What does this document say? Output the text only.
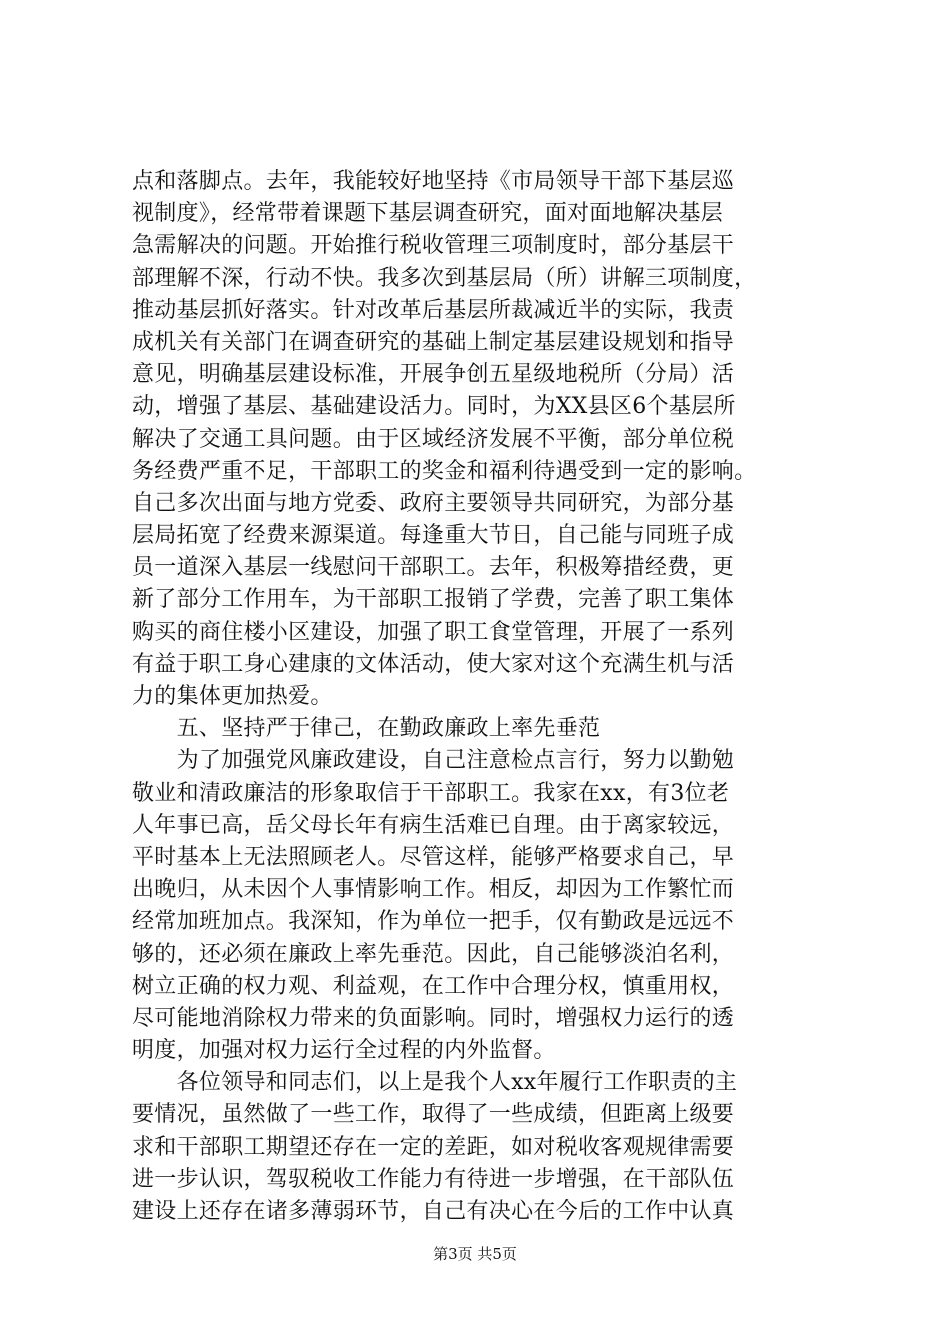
点和落脚点。去年，我能较好地坚持《市局领导干部下基层巡
视制度》，经常带着课题下基层调查研究，面对面地解决基层
急需解决的问题。开始推行税收管理三项制度时，部分基层干
部理解不深，行动不快。我多次到基层局（所）讲解三项制度，
推动基层抓好落实。针对改革后基层所裁减近半的实际，我责
成机关有关部门在调查研究的基础上制定基层建设规划和指导
意见，明确基层建设标准，开展争创五星级地税所（分局）活
动，增强了基层、基础建设活力。同时，为XX县区6个基层所
解决了交通工具问题。由于区域经济发展不平衡，部分单位税
务经费严重不足，干部职工的奖金和福利待遇受到一定的影响。
自己多次出面与地方党委、政府主要领导共同研究，为部分基
层局拓宽了经费来源渠道。每逢重大节日，自己能与同班子成
员一道深入基层一线慰问干部职工。去年，积极筹措经费，更
新了部分工作用车，为干部职工报销了学费，完善了职工集体
购买的商住楼小区建设，加强了职工食堂管理，开展了一系列
有益于职工身心建康的文体活动，使大家对这个充满生机与活
力的集体更加热爱。
　　五、坚持严于律己，在勤政廉政上率先垂范
　　为了加强党风廉政建设，自己注意检点言行，努力以勤勉
敬业和清政廉洁的形象取信于干部职工。我家在xx，有3位老
人年事已高，岳父母长年有病生活难已自理。由于离家较远，
平时基本上无法照顾老人。尽管这样，能够严格要求自己，早
出晚归，从未因个人事情影响工作。相反，却因为工作繁忙而
经常加班加点。我深知，作为单位一把手，仅有勤政是远远不
够的，还必须在廉政上率先垂范。因此，自己能够淡泊名利，
树立正确的权力观、利益观，在工作中合理分权，慎重用权，
尽可能地消除权力带来的负面影响。同时，增强权力运行的透
明度，加强对权力运行全过程的内外监督。
　　各位领导和同志们，以上是我个人xx年履行工作职责的主
要情况，虽然做了一些工作，取得了一些成绩，但距离上级要
求和干部职工期望还存在一定的差距，如对税收客观规律需要
进一步认识，驾驭税收工作能力有待进一步增强，在干部队伍
建设上还存在诸多薄弱环节，自己有决心在今后的工作中认真
第3页 共5页
